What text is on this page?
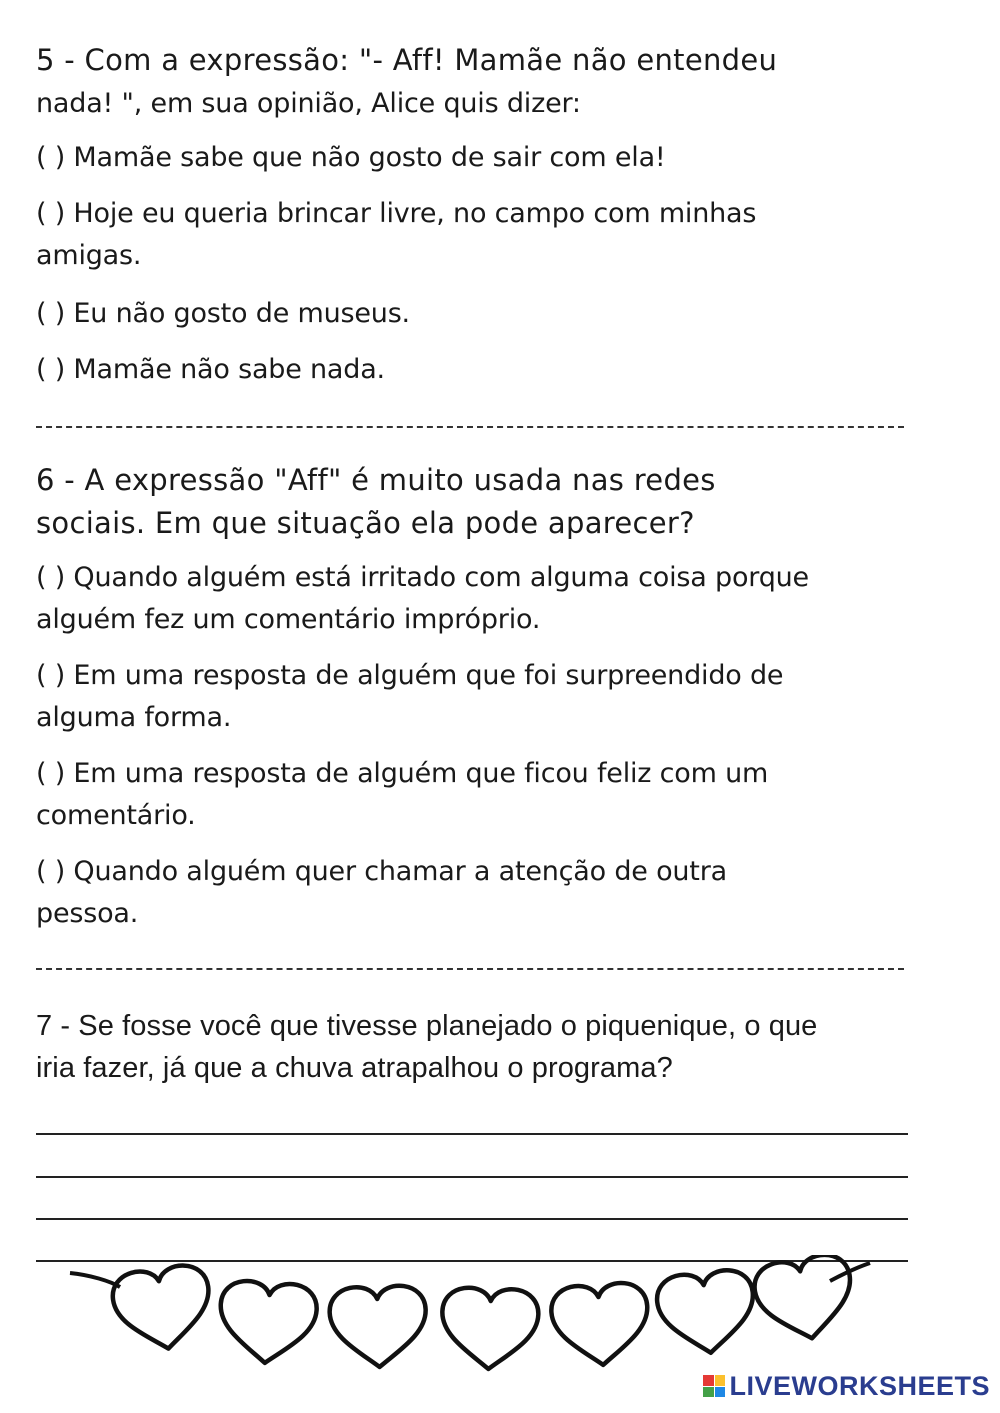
5 - Com a expressão: "- Aff! Mamãe não entendeu
nada! ", em sua opinião, Alice quis dizer:
( ) Mamãe sabe que não gosto de sair com ela!
( ) Hoje eu queria brincar livre, no campo com minhas
amigas.
( ) Eu não gosto de museus.
( ) Mamãe não sabe nada.
6 - A expressão "Aff" é muito usada nas redes
sociais. Em que situação ela pode aparecer?
( ) Quando alguém está irritado com alguma coisa porque
alguém fez um comentário impróprio.
( ) Em uma resposta de alguém que foi surpreendido de
alguma forma.
( ) Em uma resposta de alguém que ficou feliz com um
comentário.
( ) Quando alguém quer chamar a atenção de outra
pessoa.
7 - Se fosse você que tivesse planejado o piquenique, o que
iria fazer, já que a chuva atrapalhou o programa?
LIVEWORKSHEETS
